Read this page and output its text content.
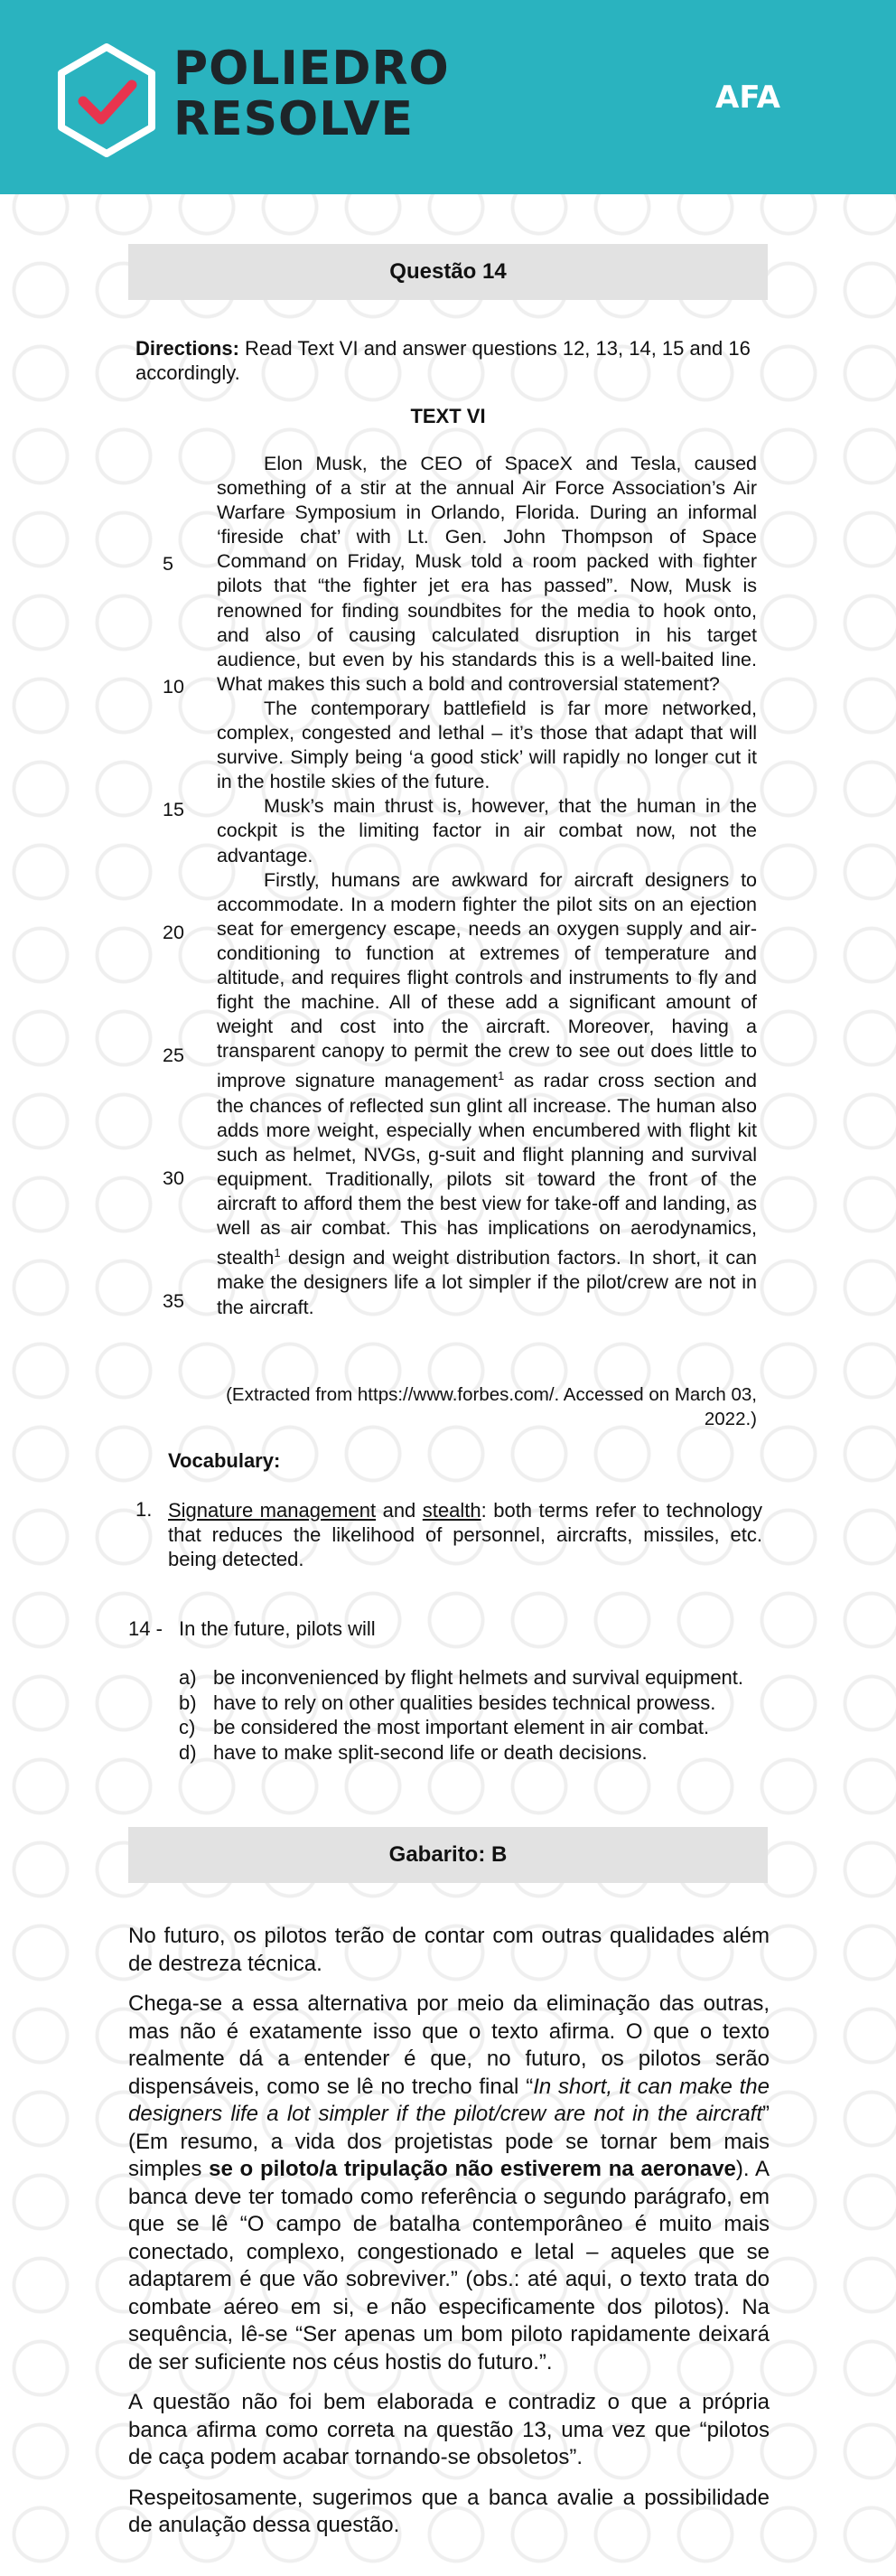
POLIEDRO
RESOLVE	AFA
Questão 14
Directions: Read Text VI and answer questions 12, 13, 14, 15 and 16 accordingly.
TEXT VI
5
10
15
20
25
30
35

Elon Musk, the CEO of SpaceX and Tesla, caused something of a stir at the annual Air Force Association’s Air Warfare Symposium in Orlando, Florida. During an informal ‘fireside chat’ with Lt. Gen. John Thompson of Space Command on Friday, Musk told a room packed with fighter pilots that “the fighter jet era has passed”. Now, Musk is renowned for finding soundbites for the media to hook onto, and also of causing calculated disruption in his target audience, but even by his standards this is a well-baited line. What makes this such a bold and controversial statement?

The contemporary battlefield is far more networked, complex, congested and lethal – it’s those that adapt that will survive. Simply being ‘a good stick’ will rapidly no longer cut it in the hostile skies of the future.

Musk’s main thrust is, however, that the human in the cockpit is the limiting factor in air combat now, not the advantage.

Firstly, humans are awkward for aircraft designers to accommodate. In a modern fighter the pilot sits on an ejection seat for emergency escape, needs an oxygen supply and air-conditioning to function at extremes of temperature and altitude, and requires flight controls and instruments to fly and fight the machine. All of these add a significant amount of weight and cost into the aircraft. Moreover, having a transparent canopy to permit the crew to see out does little to improve signature management$^1$ as radar cross section and the chances of reflected sun glint all increase. The human also adds more weight, especially when encumbered with flight kit such as helmet, NVGs, g-suit and flight planning and survival equipment. Traditionally, pilots sit toward the front of the aircraft to afford them the best view for take-off and landing, as well as air combat. This has implications on aerodynamics, stealth$^1$ design and weight distribution factors. In short, it can make the designers life a lot simpler if the pilot/crew are not in the aircraft.

(Extracted from https://www.forbes.com/. Accessed on March 03, 2022.)
Vocabulary:
1. Signature management and stealth: both terms refer to technology that reduces the likelihood of personnel, aircrafts, missiles, etc. being detected.
14 - In the future, pilots will
a) be inconvenienced by flight helmets and survival equipment.
b) have to rely on other qualities besides technical prowess.
c) be considered the most important element in air combat.
d) have to make split-second life or death decisions.
Gabarito: B

No futuro, os pilotos terão de contar com outras qualidades além de destreza técnica.

Chega-se a essa alternativa por meio da eliminação das outras, mas não é exatamente isso que o texto afirma. O que o texto realmente dá a entender é que, no futuro, os pilotos serão dispensáveis, como se lê no trecho final “In short, it can make the designers life a lot simpler if the pilot/crew are not in the aircraft” (Em resumo, a vida dos projetistas pode se tornar bem mais simples se o piloto/a tripulação não estiverem na aeronave). A banca deve ter tomado como referência o segundo parágrafo, em que se lê “O campo de batalha contemporâneo é muito mais conectado, complexo, congestionado e letal – aqueles que se adaptarem é que vão sobreviver.” (obs.: até aqui, o texto trata do combate aéreo em si, e não especificamente dos pilotos). Na sequência, lê-se “Ser apenas um bom piloto rapidamente deixará de ser suficiente nos céus hostis do futuro.”.

A questão não foi bem elaborada e contradiz o que a própria banca afirma como correta na questão 13, uma vez que “pilotos de caça podem acabar tornando-se obsoletos”.

Respeitosamente, sugerimos que a banca avalie a possibilidade de anulação dessa questão.
